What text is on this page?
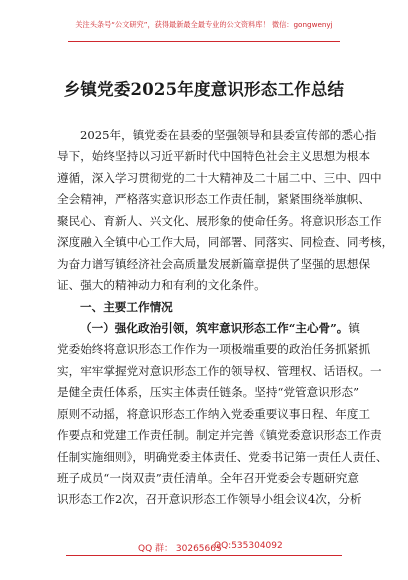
关注头条号“公文研究”，获得最新最全最专业的公文资料库！ 微信：gongwenyj
乡镇党委2025年度意识形态工作总结
2025年，镇党委在县委的坚强领导和县委宣传部的悉心指
导下，始终坚持以习近平新时代中国特色社会主义思想为根本
遵循，深入学习贯彻党的二十大精神及二十届二中、三中、四中
全会精神，严格落实意识形态工作责任制，紧紧围绕举旗帜、
聚民心、育新人、兴文化、展形象的使命任务。将意识形态工作
深度融入全镇中心工作大局，同部署、同落实、同检查、同考核，
为奋力谱写镇经济社会高质量发展新篇章提供了坚强的思想保
证、强大的精神动力和有利的文化条件。
一、主要工作情况
（一）强化政治引领，筑牢意识形态工作“主心骨”。镇
党委始终将意识形态工作作为一项极端重要的政治任务抓紧抓
实，牢牢掌握党对意识形态工作的领导权、管理权、话语权。一
是健全责任体系，压实主体责任链条。坚持“党管意识形态”
原则不动摇，将意识形态工作纳入党委重要议事日程、年度工
作要点和党建工作责任制。制定并完善《镇党委意识形态工作责
任制实施细则》，明确党委主体责任、党委书记第一责任人责任、
班子成员“一岗双责”责任清单。全年召开党委会专题研究意
识形态工作2次，召开意识形态工作领导小组会议4次，分析
QQ 群： 30265665
QQ:535304092
